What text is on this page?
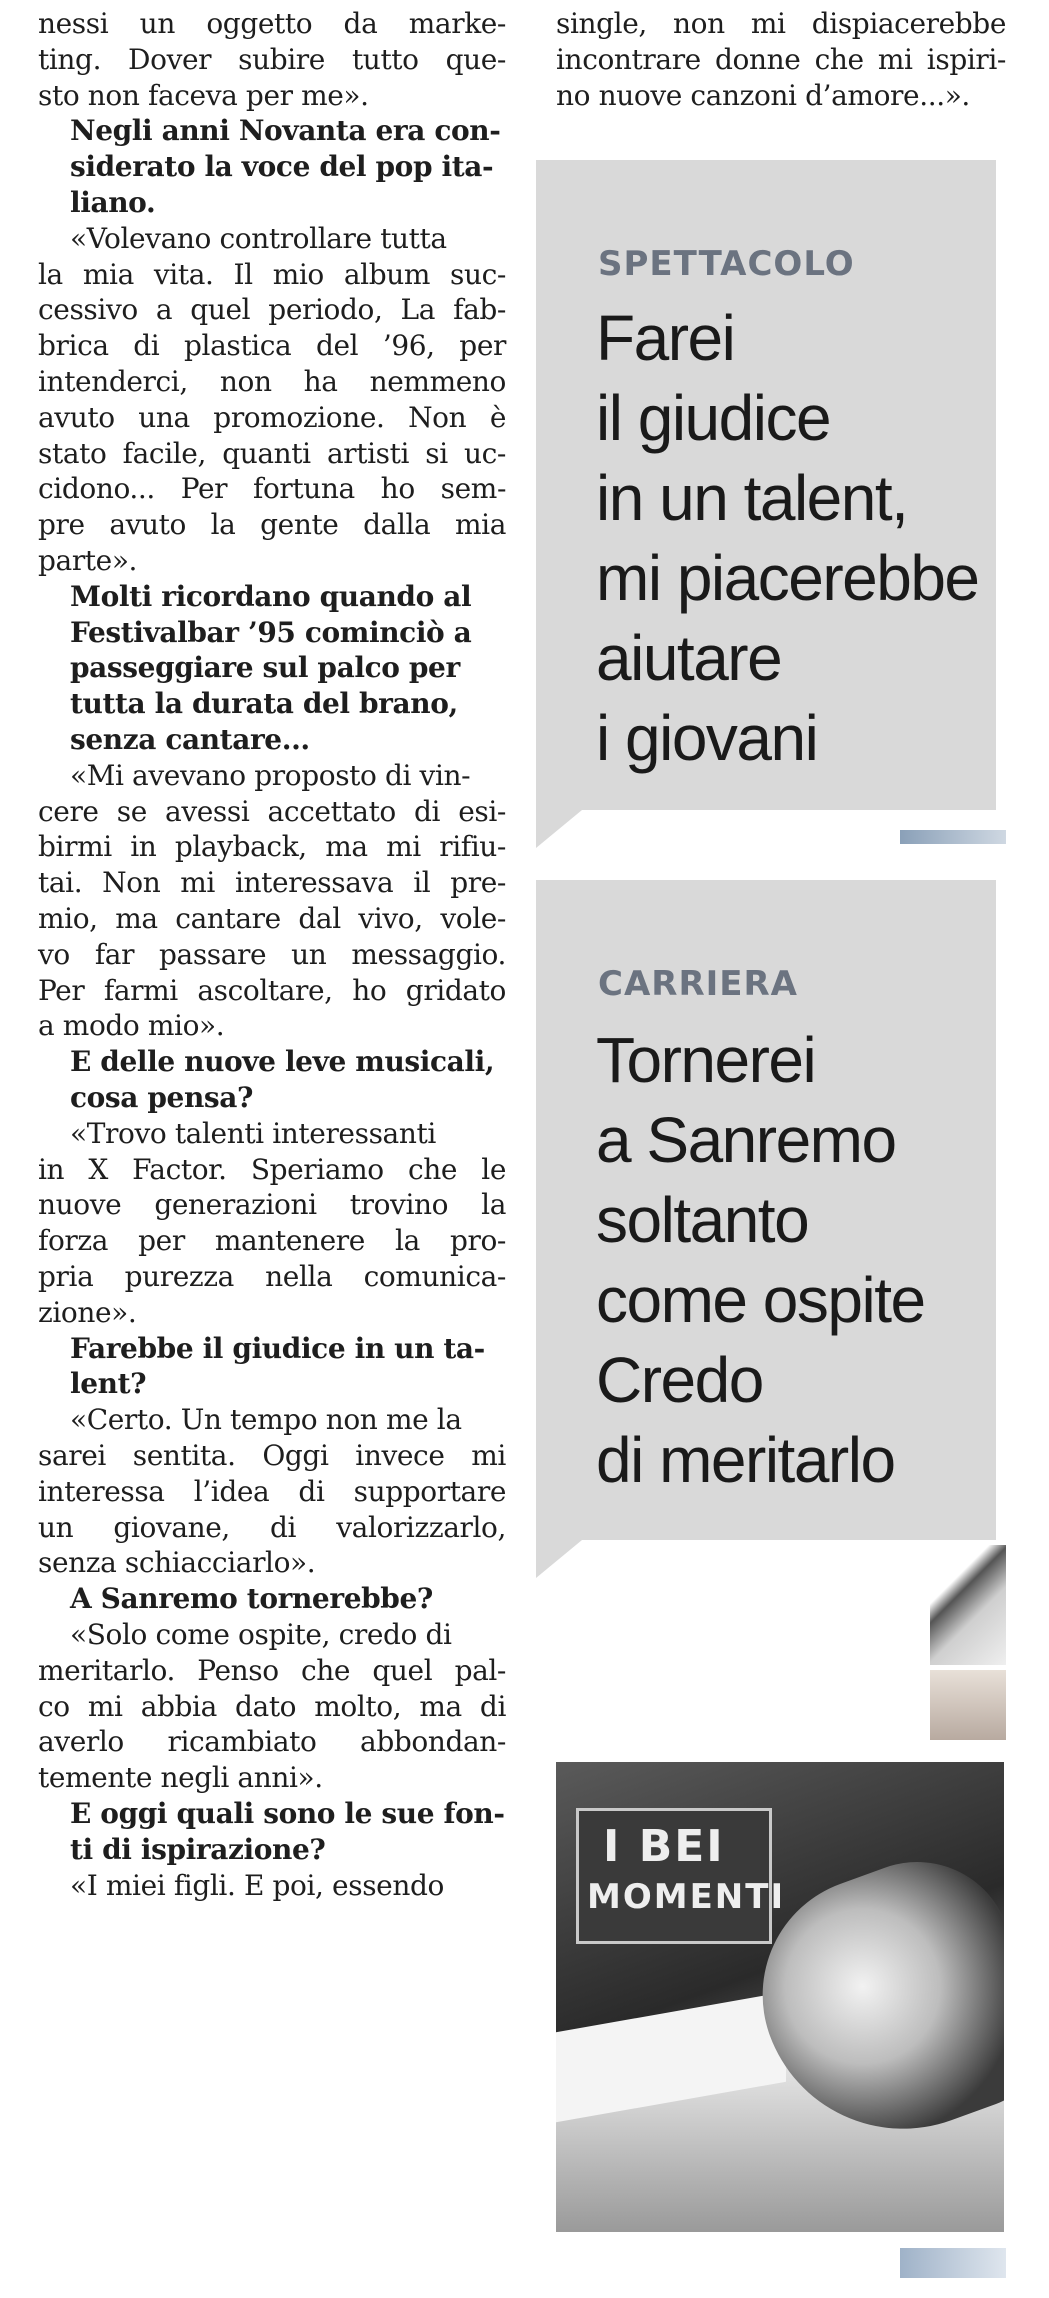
nessi un oggetto da marke-
ting. Dover subire tutto que-
sto non faceva per me».
Negli anni Novanta era con-
siderato la voce del pop ita-
liano.
«Volevano controllare tutta
la mia vita. Il mio album suc-
cessivo a quel periodo, La fab-
brica di plastica del ’96, per
intenderci, non ha nemmeno
avuto una promozione. Non è
stato facile, quanti artisti si uc-
cidono... Per fortuna ho sem-
pre avuto la gente dalla mia
parte».
Molti ricordano quando al
Festivalbar ’95 cominciò a
passeggiare sul palco per
tutta la durata del brano,
senza cantare...
«Mi avevano proposto di vin-
cere se avessi accettato di esi-
birmi in playback, ma mi rifiu-
tai. Non mi interessava il pre-
mio, ma cantare dal vivo, vole-
vo far passare un messaggio.
Per farmi ascoltare, ho gridato
a modo mio».
E delle nuove leve musicali,
cosa pensa?
«Trovo talenti interessanti
in X Factor. Speriamo che le
nuove generazioni trovino la
forza per mantenere la pro-
pria purezza nella comunica-
zione».
Farebbe il giudice in un ta-
lent?
«Certo. Un tempo non me la
sarei sentita. Oggi invece mi
interessa l’idea di supportare
un giovane, di valorizzarlo,
senza schiacciarlo».
A Sanremo tornerebbe?
«Solo come ospite, credo di
meritarlo. Penso che quel pal-
co mi abbia dato molto, ma di
averlo ricambiato abbondan-
temente negli anni».
E oggi quali sono le sue fon-
ti di ispirazione?
«I miei figli. E poi, essendo
single, non mi dispiacerebbe
incontrare donne che mi ispiri-
no nuove canzoni d’amore...».
SPETTACOLO
Farei
il giudice
in un talent,
mi piacerebbe
aiutare
i giovani
CARRIERA
Tornerei
a Sanremo
soltanto
come ospite
Credo
di meritarlo
I BEI
MOMENTI
